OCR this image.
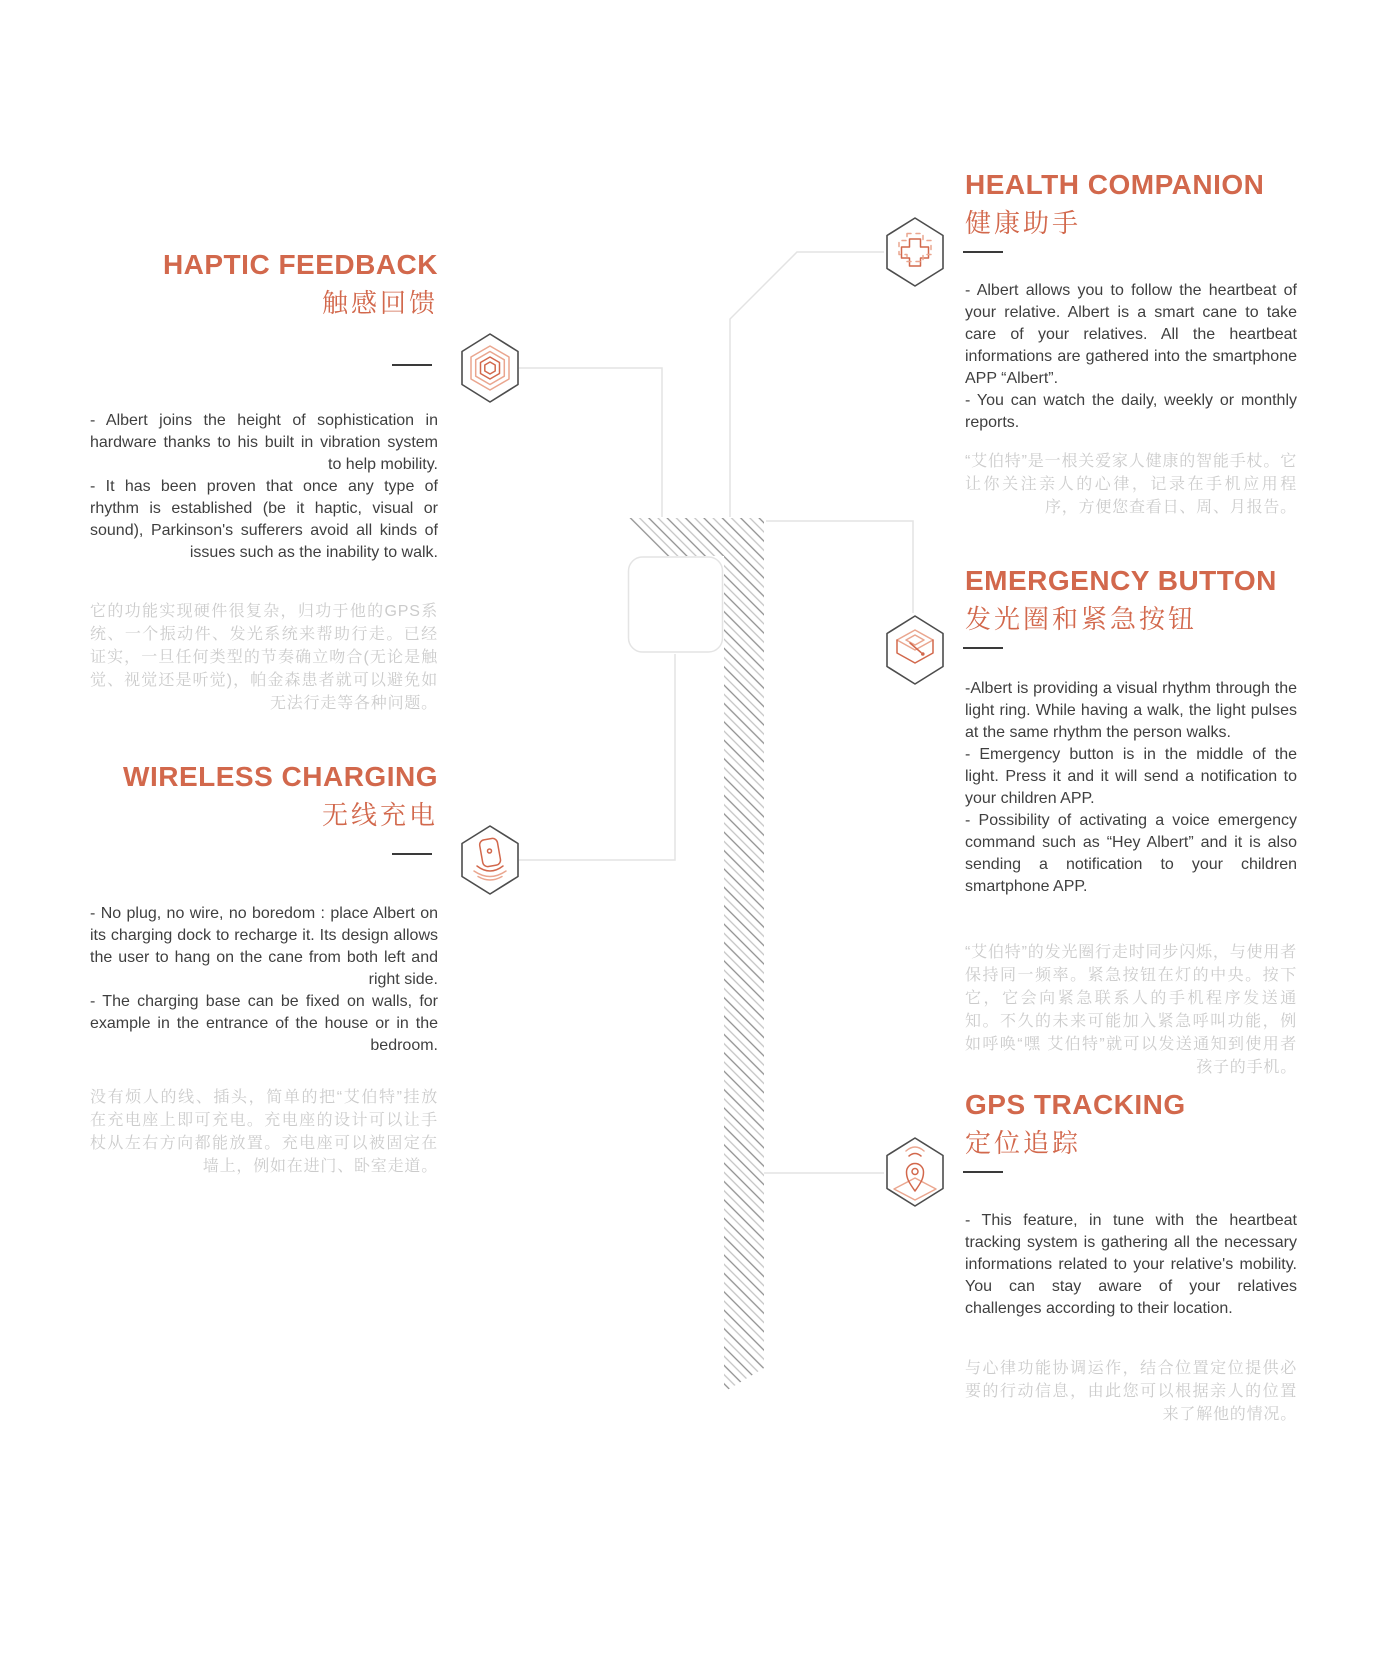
HAPTIC FEEDBACK
触感回馈

- Albert joins the height of sophistication in hardware thanks to his built in vibration system to help mobility.

- It has been proven that once any type of rhythm is established (be it haptic, visual or sound), Parkinson's sufferers avoid all kinds of issues such as the inability to walk.

它的功能实现硬件很复杂，归功于他的GPS系统、一个振动件、发光系统来帮助行走。已经证实，一旦任何类型的节奏确立吻合(无论是触觉、视觉还是听觉)，帕金森患者就可以避免如无法行走等各种问题。

WIRELESS CHARGING
无线充电

- No plug, no wire, no boredom : place Albert on its charging dock to recharge it. Its design allows the user to hang on the cane from both left and right side.

- The charging base can be fixed on walls, for example in the entrance of the house or in the bedroom.

没有烦人的线、插头，简单的把“艾伯特”挂放在充电座上即可充电。充电座的设计可以让手杖从左右方向都能放置。充电座可以被固定在墙上，例如在进门、卧室走道。

HEALTH COMPANION
健康助手

- Albert allows you to follow the heartbeat of your relative. Albert is a smart cane to take care of your relatives. All the heartbeat informations are gathered into the smartphone APP “Albert”.

- You can watch the daily, weekly or monthly reports.

“艾伯特”是一根关爱家人健康的智能手杖。它让你关注亲人的心律，记录在手机应用程序，方便您查看日、周、月报告。

EMERGENCY BUTTON
发光圈和紧急按钮

-Albert is providing a visual rhythm through the light ring. While having a walk, the light pulses at the same rhythm the person walks.

- Emergency button is in the middle of the light. Press it and it will send a notification to your children APP.

- Possibility of activating a voice emergency command such as “Hey Albert” and it is also sending a notification to your children smartphone APP.

“艾伯特”的发光圈行走时同步闪烁，与使用者保持同一频率。紧急按钮在灯的中央。按下它，它会向紧急联系人的手机程序发送通知。不久的未来可能加入紧急呼叫功能，例如呼唤“嘿 艾伯特”就可以发送通知到使用者孩子的手机。

GPS TRACKING
定位追踪

- This feature, in tune with the heartbeat tracking system is gathering all the necessary informations related to your relative's mobility. You can stay aware of your relatives challenges according to their location.

与心律功能协调运作，结合位置定位提供必要的行动信息，由此您可以根据亲人的位置来了解他的情况。
